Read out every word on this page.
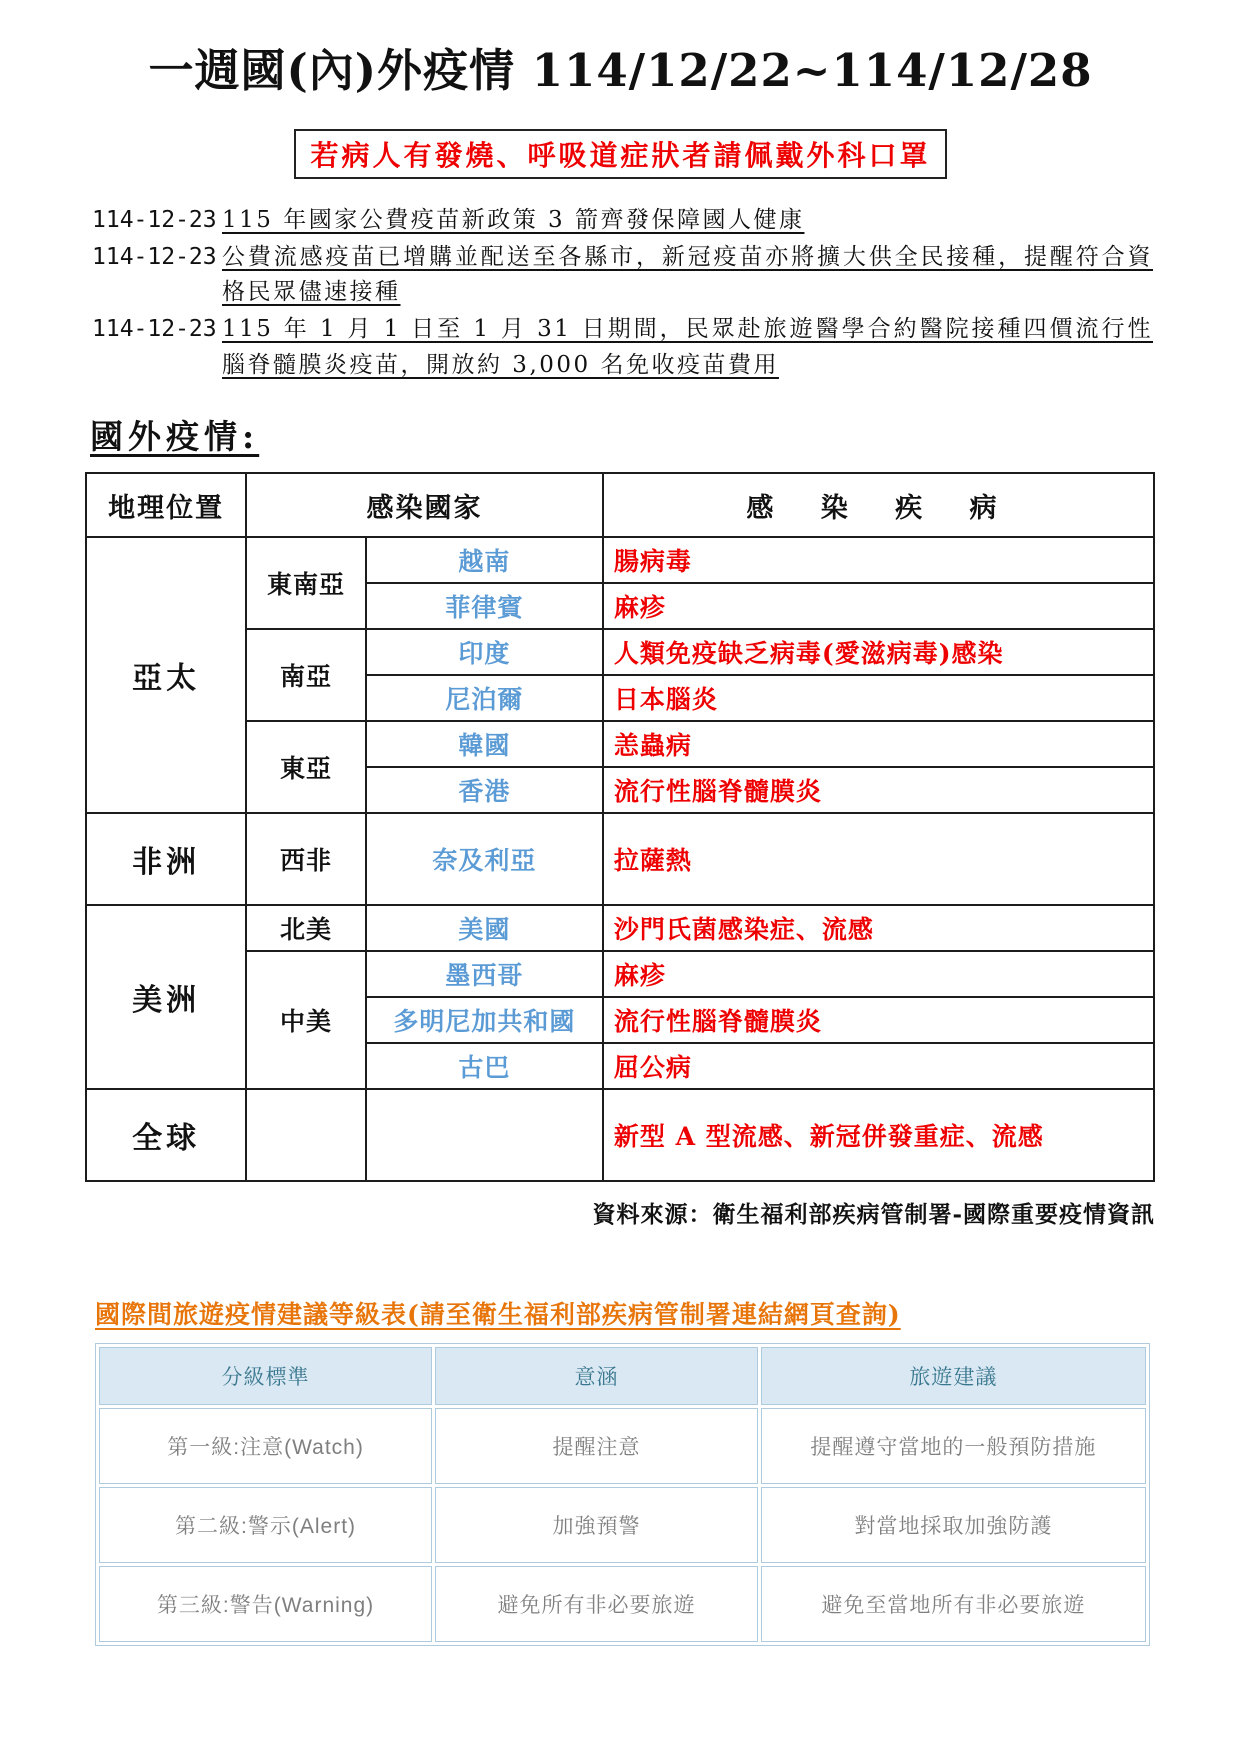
一週國(內)外疫情 114/12/22~114/12/28
若病人有發燒、呼吸道症狀者請佩戴外科口罩
114-12-23 115 年國家公費疫苗新政策 3 箭齊發保障國人健康
114-12-23 公費流感疫苗已增購並配送至各縣市，新冠疫苗亦將擴大供全民接種，提醒符合資格民眾儘速接種
114-12-23 115 年 1 月 1 日至 1 月 31 日期間，民眾赴旅遊醫學合約醫院接種四價流行性腦脊髓膜炎疫苗，開放約 3,000 名免收疫苗費用
國外疫情:
地理位置	感染國家		感 染 疾 病
亞太	東南亞	越南	腸病毒
		菲律賓	麻疹
	南亞	印度	人類免疫缺乏病毒(愛滋病毒)感染
		尼泊爾	日本腦炎
	東亞	韓國	恙蟲病
		香港	流行性腦脊髓膜炎
非洲	西非	奈及利亞	拉薩熱
美洲	北美	美國	沙門氏菌感染症、流感
	中美	墨西哥	麻疹
		多明尼加共和國	流行性腦脊髓膜炎
		古巴	屈公病
全球			新型 A 型流感、新冠併發重症、流感
資料來源：衛生福利部疾病管制署-國際重要疫情資訊
國際間旅遊疫情建議等級表(請至衛生福利部疾病管制署連結網頁查詢)
分級標準	意涵	旅遊建議
第一級:注意(Watch)	提醒注意	提醒遵守當地的一般預防措施
第二級:警示(Alert)	加強預警	對當地採取加強防護
第三級:警告(Warning)	避免所有非必要旅遊	避免至當地所有非必要旅遊
